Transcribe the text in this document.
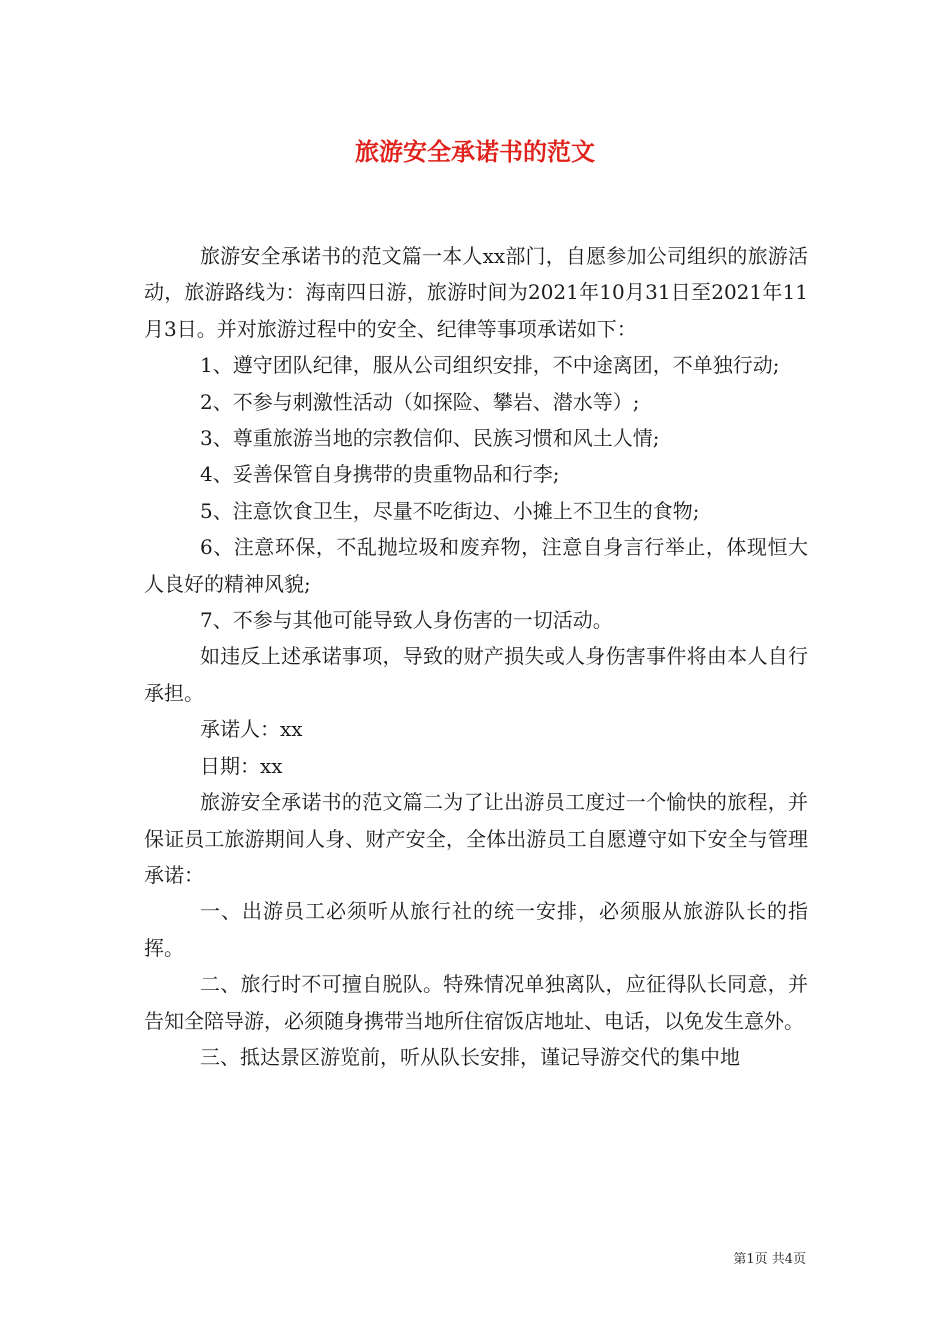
旅游安全承诺书的范文

旅游安全承诺书的范文篇一本人xx部门，自愿参加公司组织的旅游活动，旅游路线为：海南四日游，旅游时间为2021年10月31日至2021年11月3日。并对旅游过程中的安全、纪律等事项承诺如下：

1、遵守团队纪律，服从公司组织安排，不中途离团，不单独行动;

2、不参与刺激性活动（如探险、攀岩、潜水等）;

3、尊重旅游当地的宗教信仰、民族习惯和风土人情;

4、妥善保管自身携带的贵重物品和行李;

5、注意饮食卫生，尽量不吃街边、小摊上不卫生的食物;

6、注意环保，不乱抛垃圾和废弃物，注意自身言行举止，体现恒大人良好的精神风貌;

7、不参与其他可能导致人身伤害的一切活动。

如违反上述承诺事项，导致的财产损失或人身伤害事件将由本人自行承担。

承诺人：xx

日期：xx

旅游安全承诺书的范文篇二为了让出游员工度过一个愉快的旅程，并保证员工旅游期间人身、财产安全，全体出游员工自愿遵守如下安全与管理承诺：

一、出游员工必须听从旅行社的统一安排，必须服从旅游队长的指挥。

二、旅行时不可擅自脱队。特殊情况单独离队，应征得队长同意，并告知全陪导游，必须随身携带当地所住宿饭店地址、电话，以免发生意外。

三、抵达景区游览前，听从队长安排，谨记导游交代的集中地

第1页 共4页
